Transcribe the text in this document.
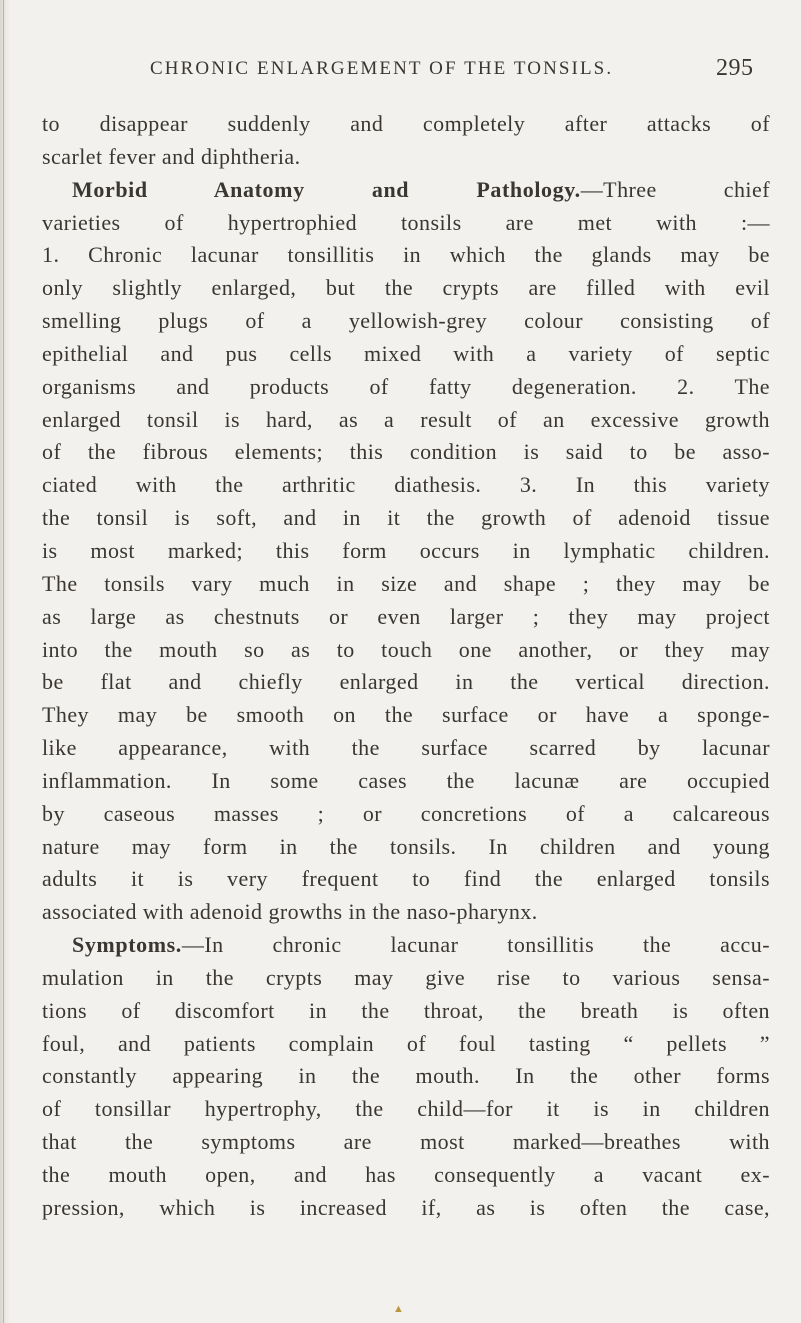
CHRONIC ENLARGEMENT OF THE TONSILS.	295
to disappear suddenly and completely after attacks of
scarlet fever and diphtheria.
Morbid Anatomy and Pathology.—Three chief
varieties of hypertrophied tonsils are met with :—
1. Chronic lacunar tonsillitis in which the glands may be
only slightly enlarged, but the crypts are filled with evil
smelling plugs of a yellowish-grey colour consisting of
epithelial and pus cells mixed with a variety of septic
organisms and products of fatty degeneration. 2. The
enlarged tonsil is hard, as a result of an excessive growth
of the fibrous elements; this condition is said to be asso-
ciated with the arthritic diathesis. 3. In this variety
the tonsil is soft, and in it the growth of adenoid tissue
is most marked; this form occurs in lymphatic children.
The tonsils vary much in size and shape ; they may be
as large as chestnuts or even larger ; they may project
into the mouth so as to touch one another, or they may
be flat and chiefly enlarged in the vertical direction.
They may be smooth on the surface or have a sponge-
like appearance, with the surface scarred by lacunar
inflammation. In some cases the lacunæ are occupied
by caseous masses ; or concretions of a calcareous
nature may form in the tonsils. In children and young
adults it is very frequent to find the enlarged tonsils
associated with adenoid growths in the naso-pharynx.
Symptoms.—In chronic lacunar tonsillitis the accu-
mulation in the crypts may give rise to various sensa-
tions of discomfort in the throat, the breath is often
foul, and patients complain of foul tasting “ pellets ”
constantly appearing in the mouth. In the other forms
of tonsillar hypertrophy, the child—for it is in children
that the symptoms are most marked—breathes with
the mouth open, and has consequently a vacant ex-
pression, which is increased if, as is often the case,
▲
